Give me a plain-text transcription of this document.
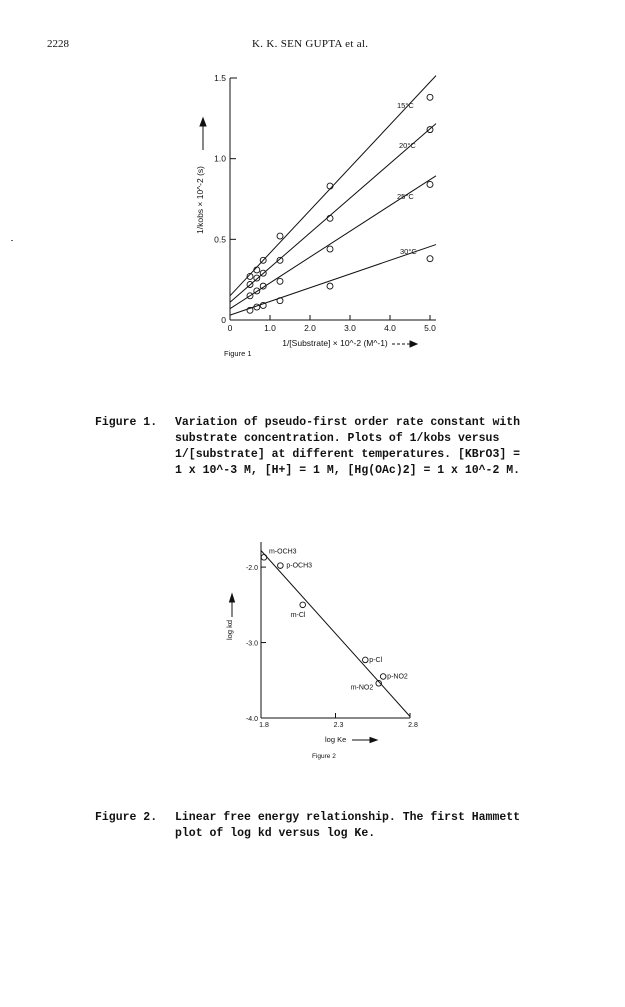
2228	K. K. SEN GUPTA et al.
0	1.0	2.0	3.0	4.0	5.0
0
0.5
1.0
1.5
1/kobs × 10^-2 (s)
1/[Substrate] × 10^-2 (M^-1)
Figure 1
15°C
20°C
25°C
30°C
1.8	2.3	2.8
-2.0
-3.0
-4.0
m-OCH3
p-OCH3
m-Cl
p-Cl
p-NO2
m-NO2
log kd
log Ke
Figure 2
Figure 1. Variation of pseudo-first order rate constant with
substrate concentration. Plots of 1/kobs versus
1/[substrate] at different temperatures. [KBrO3] =
1 x 10^-3 M, [H+] = 1 M, [Hg(OAc)2] = 1 x 10^-2 M.
Figure 2. Linear free energy relationship. The first Hammett
plot of log kd versus log Ke.
